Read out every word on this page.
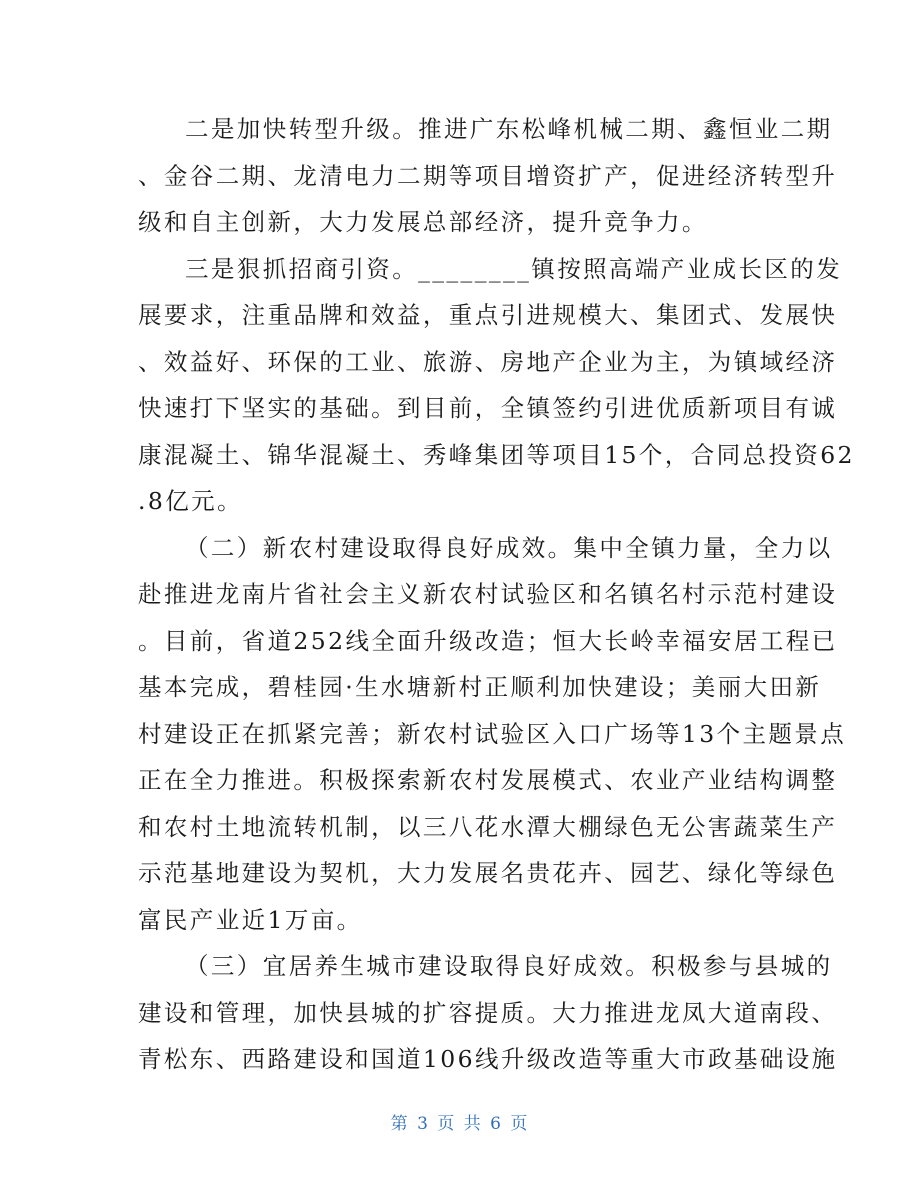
二是加快转型升级。推进广东松峰机械二期、鑫恒业二期
、金谷二期、龙清电力二期等项目增资扩产，促进经济转型升
级和自主创新，大力发展总部经济，提升竞争力。
三是狠抓招商引资。________镇按照高端产业成长区的发
展要求，注重品牌和效益，重点引进规模大、集团式、发展快
、效益好、环保的工业、旅游、房地产企业为主，为镇域经济
快速打下坚实的基础。到目前，全镇签约引进优质新项目有诚
康混凝土、锦华混凝土、秀峰集团等项目15个，合同总投资62
.8亿元。
（二）新农村建设取得良好成效。集中全镇力量，全力以
赴推进龙南片省社会主义新农村试验区和名镇名村示范村建设
。目前，省道252线全面升级改造；恒大长岭幸福安居工程已
基本完成，碧桂园·生水塘新村正顺利加快建设；美丽大田新
村建设正在抓紧完善；新农村试验区入口广场等13个主题景点
正在全力推进。积极探索新农村发展模式、农业产业结构调整
和农村土地流转机制，以三八花水潭大棚绿色无公害蔬菜生产
示范基地建设为契机，大力发展名贵花卉、园艺、绿化等绿色
富民产业近1万亩。
（三）宜居养生城市建设取得良好成效。积极参与县城的
建设和管理，加快县城的扩容提质。大力推进龙凤大道南段、
青松东、西路建设和国道106线升级改造等重大市政基础设施
第 3 页 共 6 页
